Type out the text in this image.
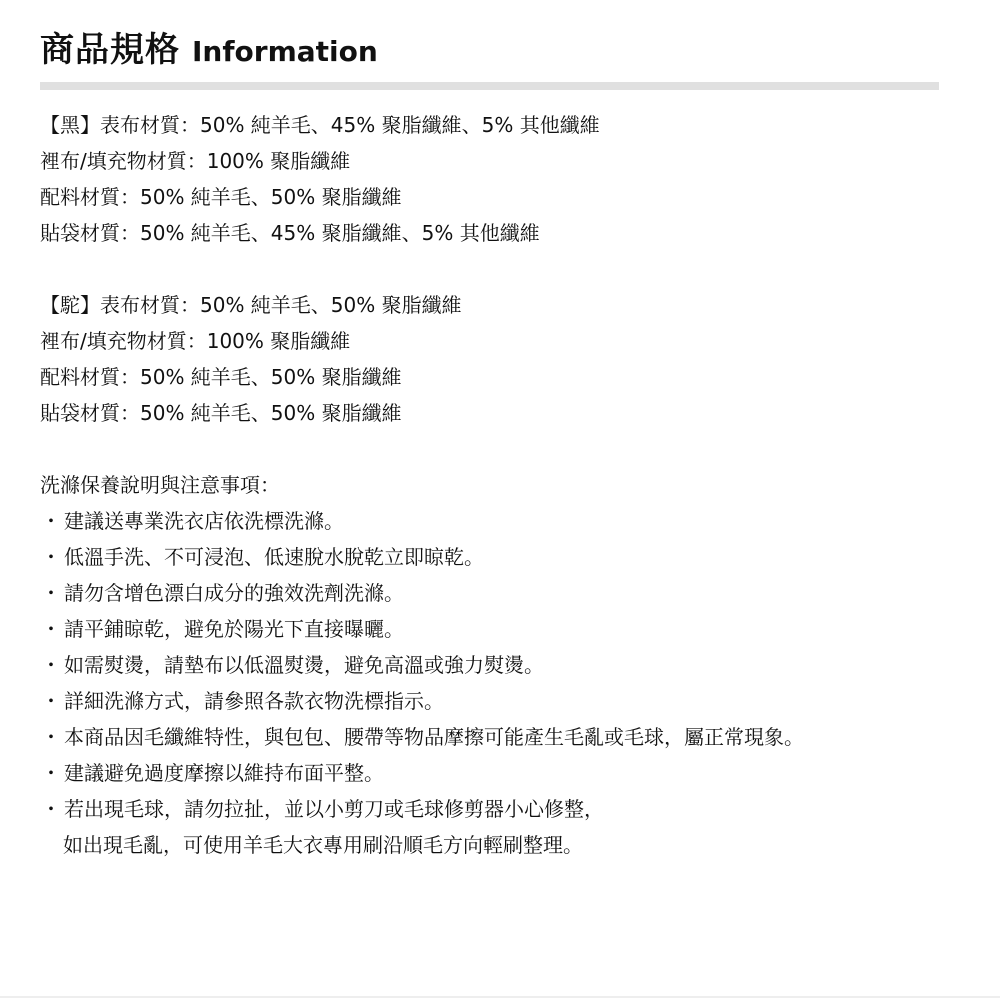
商品規格 Information
【黑】表布材質：50% 純羊毛、45% 聚脂纖維、5% 其他纖維
裡布/填充物材質：100% 聚脂纖維
配料材質：50% 純羊毛、50% 聚脂纖維
貼袋材質：50% 純羊毛、45% 聚脂纖維、5% 其他纖維
【駝】表布材質：50% 純羊毛、50% 聚脂纖維
裡布/填充物材質：100% 聚脂纖維
配料材質：50% 純羊毛、50% 聚脂纖維
貼袋材質：50% 純羊毛、50% 聚脂纖維
洗滌保養說明與注意事項：
・ 建議送專業洗衣店依洗標洗滌。
・ 低溫手洗、不可浸泡、低速脫水脫乾立即晾乾。
・ 請勿含增色漂白成分的強效洗劑洗滌。
・ 請平鋪晾乾，避免於陽光下直接曝曬。
・ 如需熨燙，請墊布以低溫熨燙，避免高溫或強力熨燙。
・ 詳細洗滌方式，請參照各款衣物洗標指示。
・ 本商品因毛纖維特性，與包包、腰帶等物品摩擦可能產生毛亂或毛球，屬正常現象。
・ 建議避免過度摩擦以維持布面平整。
・ 若出現毛球，請勿拉扯，並以小剪刀或毛球修剪器小心修整，
如出現毛亂，可使用羊毛大衣專用刷沿順毛方向輕刷整理。
